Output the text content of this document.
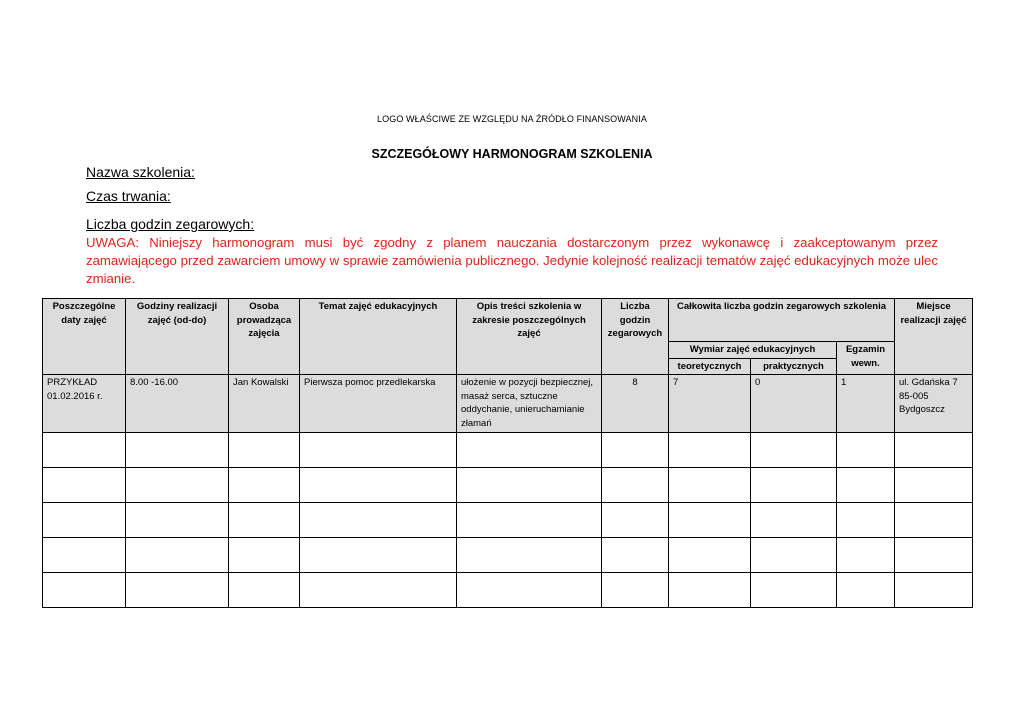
LOGO WŁAŚCIWE ZE WZGLĘDU NA ŹRÓDŁO FINANSOWANIA
SZCZEGÓŁOWY HARMONOGRAM SZKOLENIA
Nazwa szkolenia:
Czas trwania:
Liczba godzin zegarowych:
UWAGA: Niniejszy harmonogram musi być zgodny z planem nauczania dostarczonym przez wykonawcę i zaakceptowanym przez zamawiającego przed zawarciem umowy w sprawie zamówienia publicznego. Jedynie kolejność realizacji tematów zajęć edukacyjnych może ulec zmianie.
Poszczególne daty zajęć	Godziny realizacji zajęć (od-do)	Osoba prowadząca zajęcia	Temat zajęć edukacyjnych	Opis treści szkolenia w zakresie poszczególnych zajęć	Liczba godzin zegarowych	Całkowita liczba godzin zegarowych szkolenia			Miejsce realizacji zajęć
						Wymiar zajęć edukacyjnych		Egzamin wewn.	
						teoretycznych	praktycznych		
PRZYKŁAD
01.02.2016 r.	8.00 -16.00	Jan Kowalski	Pierwsza pomoc przedlekarska	ułożenie w pozycji bezpiecznej, masaż serca, sztuczne oddychanie, unieruchamianie złamań	8	7	0	1	ul. Gdańska 7
85-005
Bydgoszcz
